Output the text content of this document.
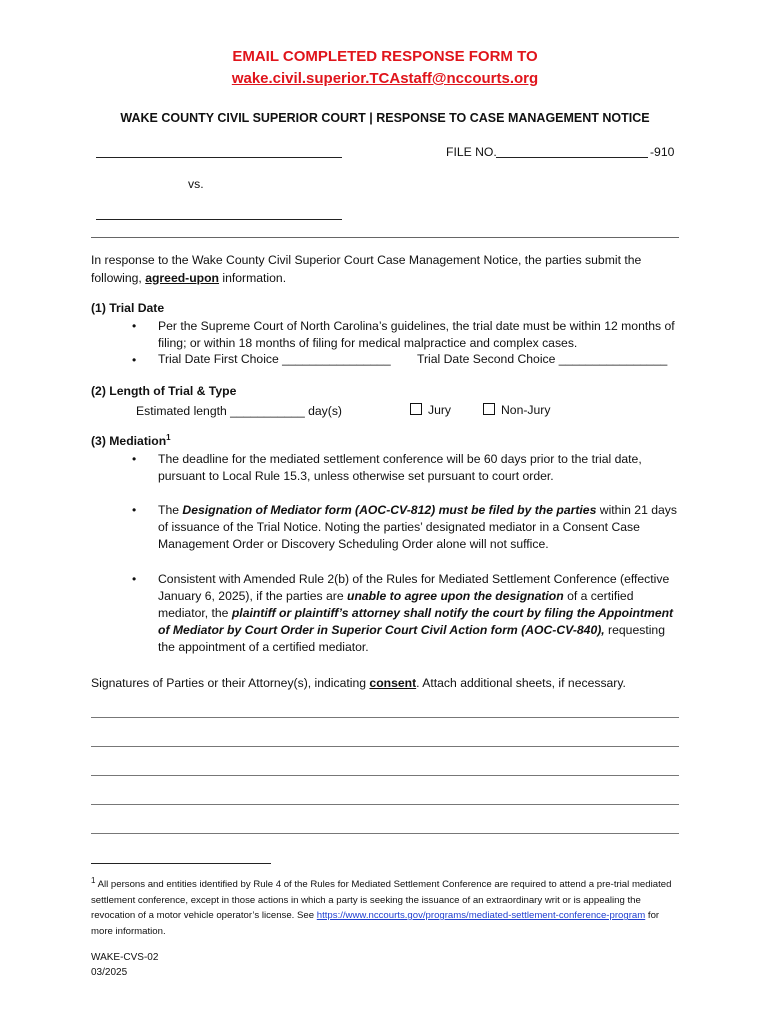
EMAIL COMPLETED RESPONSE FORM TO
wake.civil.superior.TCAstaff@nccourts.org
WAKE COUNTY CIVIL SUPERIOR COURT | RESPONSE TO CASE MANAGEMENT NOTICE
FILE NO.	-910
vs.
In response to the Wake County Civil Superior Court Case Management Notice, the parties submit the following, agreed-upon information.
(1) Trial Date
• Per the Supreme Court of North Carolina’s guidelines, the trial date must be within 12 months of filing; or within 18 months of filing for medical malpractice and complex cases.
• Trial Date First Choice ________________ Trial Date Second Choice ________________
(2) Length of Trial & Type
Estimated length ___________ day(s)	Jury	Non-Jury
(3) Mediation$^1$
• The deadline for the mediated settlement conference will be 60 days prior to the trial date, pursuant to Local Rule 15.3, unless otherwise set pursuant to court order.
• The Designation of Mediator form (AOC-CV-812) must be filed by the parties within 21 days of issuance of the Trial Notice. Noting the parties’ designated mediator in a Consent Case Management Order or Discovery Scheduling Order alone will not suffice.
• Consistent with Amended Rule 2(b) of the Rules for Mediated Settlement Conference (effective January 6, 2025), if the parties are unable to agree upon the designation of a certified mediator, the plaintiff or plaintiff’s attorney shall notify the court by filing the Appointment of Mediator by Court Order in Superior Court Civil Action form (AOC-CV-840), requesting the appointment of a certified mediator.
Signatures of Parties or their Attorney(s), indicating consent. Attach additional sheets, if necessary.
$^1$ All persons and entities identified by Rule 4 of the Rules for Mediated Settlement Conference are required to attend a pre-trial mediated settlement conference, except in those actions in which a party is seeking the issuance of an extraordinary writ or is appealing the revocation of a motor vehicle operator’s license. See https://www.nccourts.gov/programs/mediated-settlement-conference-program for more information.
WAKE-CVS-02
03/2025
